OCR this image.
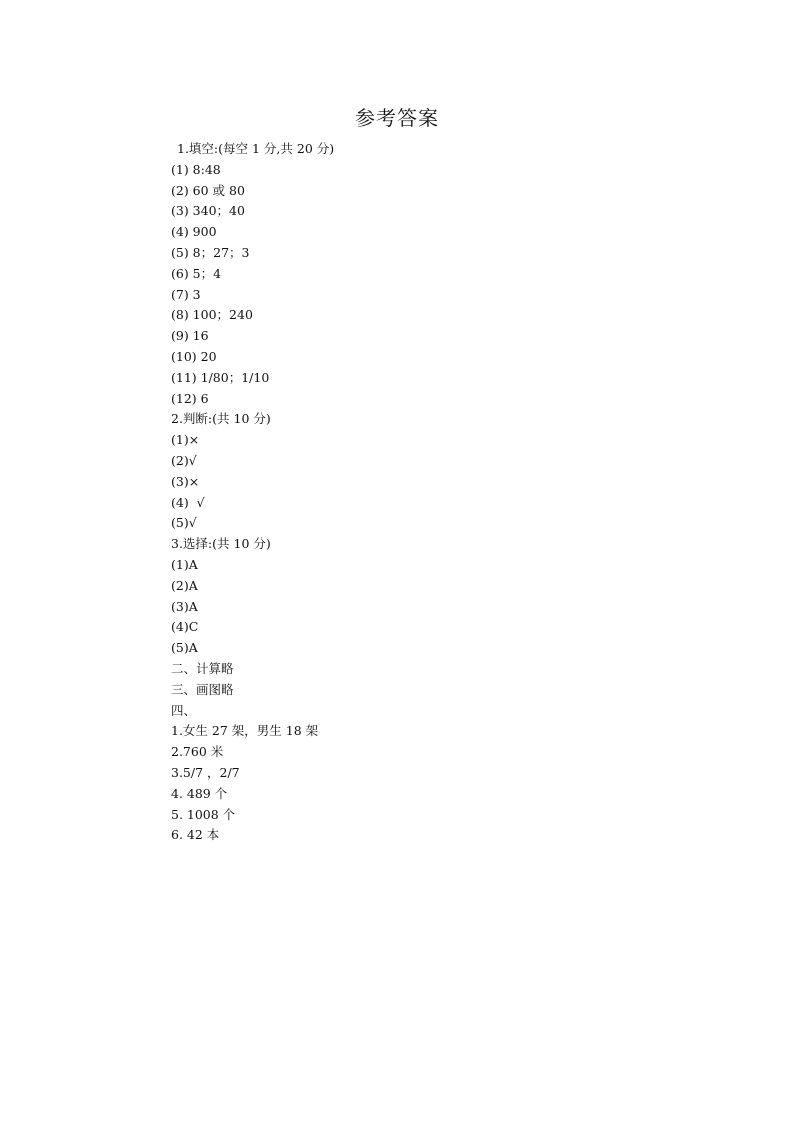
参考答案
1.填空:(每空 1 分,共 20 分)
(1) 8:48
(2) 60 或 80
(3) 340；40
(4) 900
(5) 8；27；3
(6) 5；4
(7) 3
(8) 100；240
(9) 16
(10) 20
(11) 1/80；1/10
(12) 6
2.判断:(共 10 分)
(1)×
(2)√
(3)×
(4)  √
(5)√
3.选择:(共 10 分)
(1)A
(2)A
(3)A
(4)C
(5)A
二、计算略
三、画图略
四、
1.女生 27 架，男生 18 架
2.760 米
3.5/7 ，2/7
4. 489 个
5. 1008 个
6. 42 本
